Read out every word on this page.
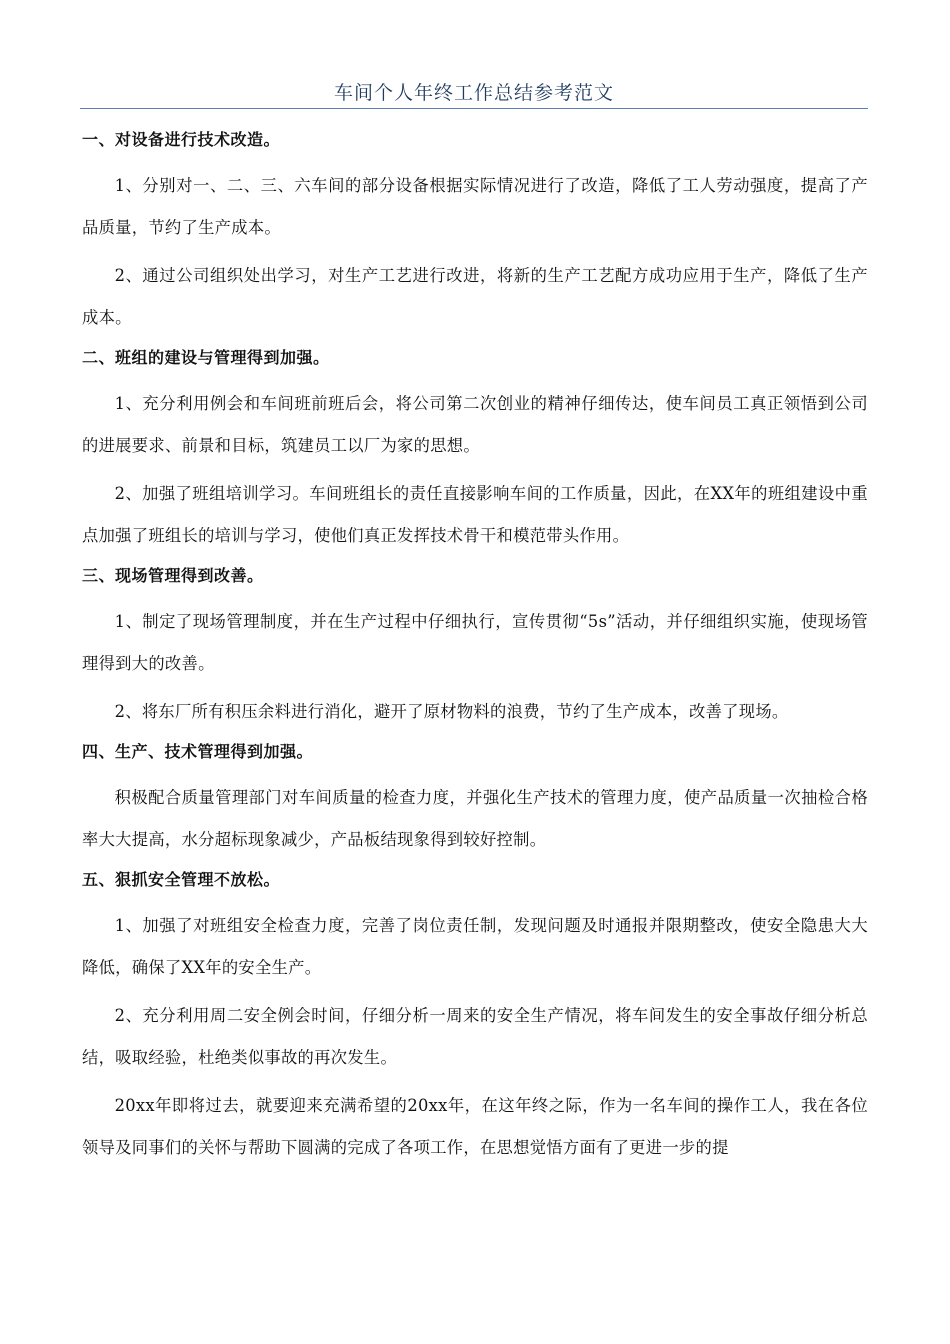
车间个人年终工作总结参考范文
一、对设备进行技术改造。

1、分别对一、二、三、六车间的部分设备根据实际情况进行了改造，降低了工人劳动强度，提高了产品质量，节约了生产成本。

2、通过公司组织处出学习，对生产工艺进行改进，将新的生产工艺配方成功应用于生产，降低了生产成本。

二、班组的建设与管理得到加强。

1、充分利用例会和车间班前班后会，将公司第二次创业的精神仔细传达，使车间员工真正领悟到公司的进展要求、前景和目标，筑建员工以厂为家的思想。

2、加强了班组培训学习。车间班组长的责任直接影响车间的工作质量，因此，在XX年的班组建设中重点加强了班组长的培训与学习，使他们真正发挥技术骨干和模范带头作用。

三、现场管理得到改善。

1、制定了现场管理制度，并在生产过程中仔细执行，宣传贯彻“5s”活动，并仔细组织实施，使现场管理得到大的改善。

2、将东厂所有积压余料进行消化，避开了原材物料的浪费，节约了生产成本，改善了现场。

四、生产、技术管理得到加强。

积极配合质量管理部门对车间质量的检查力度，并强化生产技术的管理力度，使产品质量一次抽检合格率大大提高，水分超标现象减少，产品板结现象得到较好控制。

五、狠抓安全管理不放松。

1、加强了对班组安全检查力度，完善了岗位责任制，发现问题及时通报并限期整改，使安全隐患大大降低，确保了XX年的安全生产。

2、充分利用周二安全例会时间，仔细分析一周来的安全生产情况，将车间发生的安全事故仔细分析总结，吸取经验，杜绝类似事故的再次发生。

20xx年即将过去，就要迎来充满希望的20xx年，在这年终之际，作为一名车间的操作工人，我在各位领导及同事们的关怀与帮助下圆满的完成了各项工作，在思想觉悟方面有了更进一步的提
